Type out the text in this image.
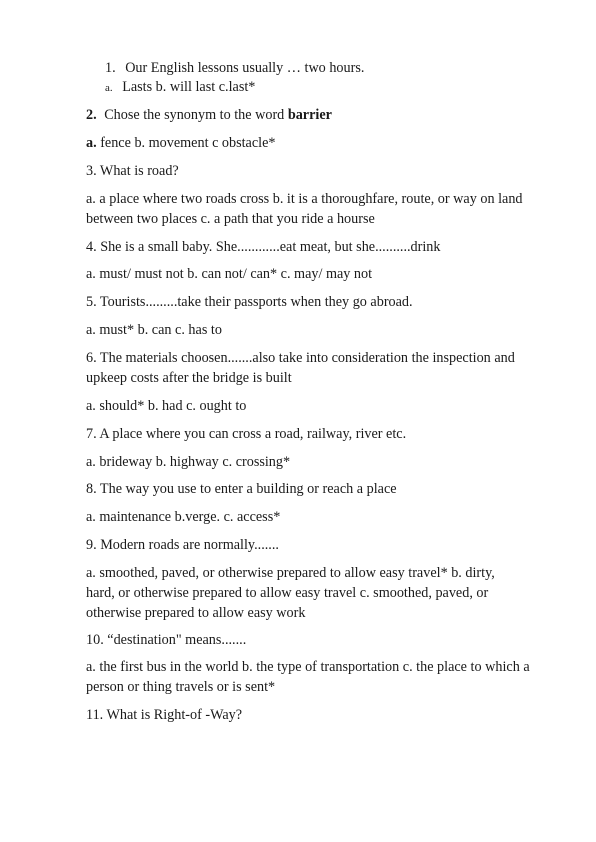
1. Our English lessons usually … two hours.
a. Lasts b. will last c.last*
2. Chose the synonym to the word barrier
a. fence b. movement c obstacle*
3. What is road?
a. a place where two roads cross b. it is a thoroughfare, route, or way on land between two places c. a path that you ride a hourse
4. She is a small baby. She............eat meat, but she..........drink
a. must/ must not b. can not/ can* c. may/ may not
5. Tourists.........take their passports when they go abroad.
a. must* b. can c. has to
6. The materials choosen.......also take into consideration the inspection and upkeep costs after the bridge is built
a. should* b. had c. ought to
7. A place where you can cross a road, railway, river etc.
a. brideway b. highway c. crossing*
8. The way you use to enter a building or reach a place
a. maintenance b.verge. c. access*
9. Modern roads are normally.......
a. smoothed, paved, or otherwise prepared to allow easy travel* b. dirty, hard, or otherwise prepared to allow easy travel c. smoothed, paved, or otherwise prepared to allow easy work
10. “destination" means.......
a. the first bus in the world b. the type of transportation c. the place to which a person or thing travels or is sent*
11. What is Right-of -Way?
